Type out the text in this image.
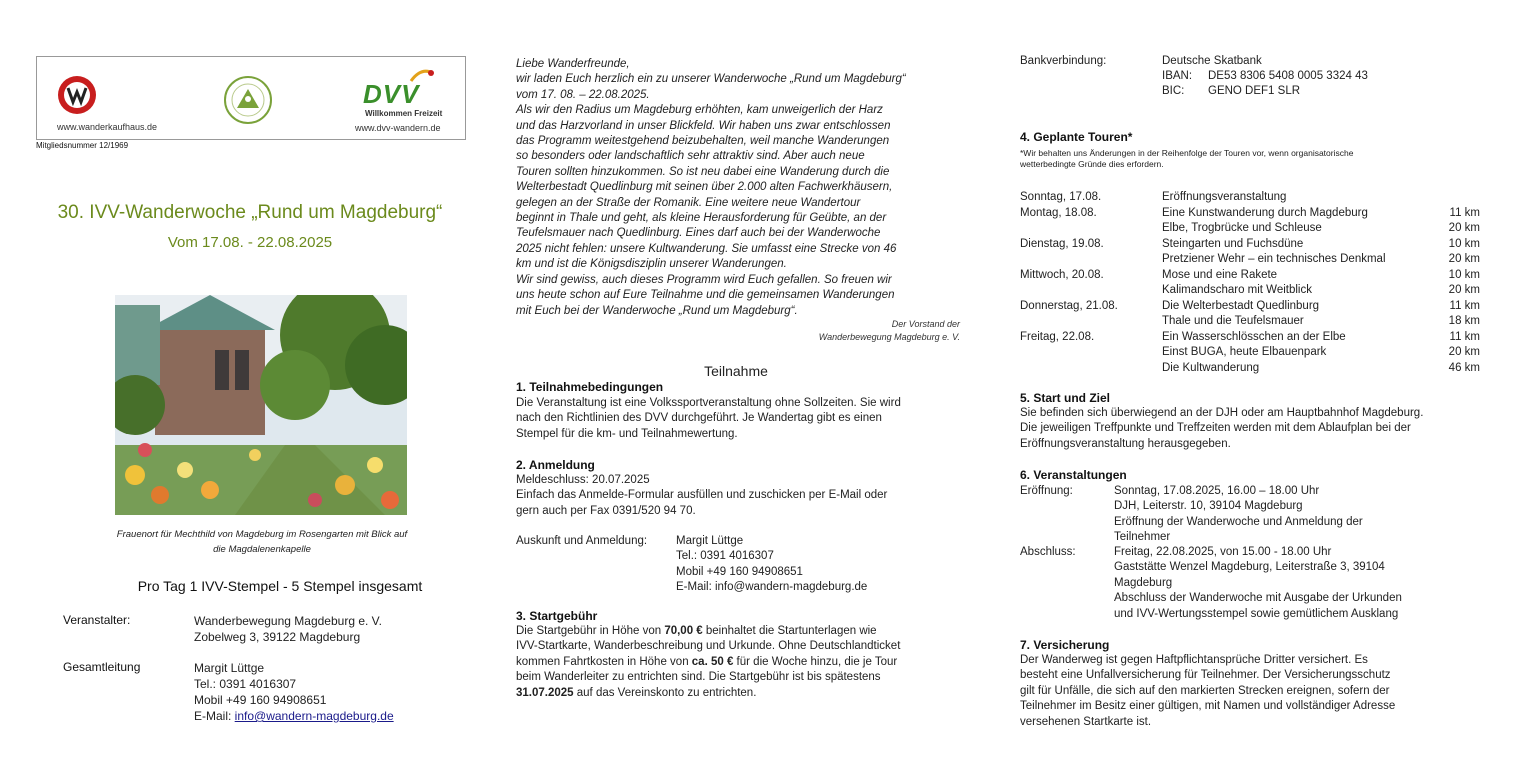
www.wanderkaufhaus.de
DVV
Willkommen Freizeit
www.dvv-wandern.de
Mitgliedsnummer 12/1969
30. IVV-Wanderwoche „Rund um Magdeburg“
Vom 17.08. - 22.08.2025
Frauenort für Mechthild von Magdeburg im Rosengarten mit Blick auf die Magdalenenkapelle
Pro Tag 1 IVV-Stempel - 5 Stempel insgesamt
Veranstalter:	Wanderbewegung Magdeburg e. V.
Zobelweg 3, 39122 Magdeburg
Gesamtleitung	Margit Lüttge
Tel.: 0391 4016307
Mobil +49 160 94908651
E-Mail: info@wandern-magdeburg.de
Liebe Wanderfreunde,
wir laden Euch herzlich ein zu unserer Wanderwoche „Rund um Magdeburg“
vom 17. 08. – 22.08.2025.
Als wir den Radius um Magdeburg erhöhten, kam unweigerlich der Harz
und das Harzvorland in unser Blickfeld. Wir haben uns zwar entschlossen
das Programm weitestgehend beizubehalten, weil manche Wanderungen
so besonders oder landschaftlich sehr attraktiv sind. Aber auch neue
Touren sollten hinzukommen. So ist neu dabei eine Wanderung durch die
Welterbestadt Quedlinburg mit seinen über 2.000 alten Fachwerkhäusern,
gelegen an der Straße der Romanik. Eine weitere neue Wandertour
beginnt in Thale und geht, als kleine Herausforderung für Geübte, an der
Teufelsmauer nach Quedlinburg. Eines darf auch bei der Wanderwoche
2025 nicht fehlen: unsere Kultwanderung. Sie umfasst eine Strecke von 46
km und ist die Königsdisziplin unserer Wanderungen.
Wir sind gewiss, auch dieses Programm wird Euch gefallen. So freuen wir
uns heute schon auf Eure Teilnahme und die gemeinsamen Wanderungen
mit Euch bei der Wanderwoche „Rund um Magdeburg“.
Der Vorstand der
Wanderbewegung Magdeburg e. V.
Teilnahme
1. Teilnahmebedingungen
Die Veranstaltung ist eine Volkssportveranstaltung ohne Sollzeiten. Sie wird
nach den Richtlinien des DVV durchgeführt. Je Wandertag gibt es einen
Stempel für die km- und Teilnahmewertung.
2. Anmeldung
Meldeschluss: 20.07.2025
Einfach das Anmelde-Formular ausfüllen und zuschicken per E-Mail oder
gern auch per Fax 0391/520 94 70.
Auskunft und Anmeldung:	Margit Lüttge
Tel.: 0391 4016307
Mobil +49 160 94908651
E-Mail: info@wandern-magdeburg.de
3. Startgebühr
Die Startgebühr in Höhe von 70,00 € beinhaltet die Startunterlagen wie
IVV-Startkarte, Wanderbeschreibung und Urkunde. Ohne Deutschlandticket
kommen Fahrtkosten in Höhe von ca. 50 € für die Woche hinzu, die je Tour
beim Wanderleiter zu entrichten sind. Die Startgebühr ist bis spätestens
31.07.2025 auf das Vereinskonto zu entrichten.
Bankverbindung:	Deutsche Skatbank
IBAN: DE53 8306 5408 0005 3324 43
BIC: GENO DEF1 SLR
4. Geplante Touren*
*Wir behalten uns Änderungen in der Reihenfolge der Touren vor, wenn organisatorische
wetterbedingte Gründe dies erfordern.
Sonntag, 17.08.	Eröffnungsveranstaltung
Montag, 18.08.	Eine Kunstwanderung durch Magdeburg	11 km
Elbe, Trogbrücke und Schleuse	20 km
Dienstag, 19.08.	Steingarten und Fuchsdüne	10 km
Pretziener Wehr – ein technisches Denkmal	20 km
Mittwoch, 20.08.	Mose und eine Rakete	10 km
Kalimandscharo mit Weitblick	20 km
Donnerstag, 21.08.	Die Welterbestadt Quedlinburg	11 km
Thale und die Teufelsmauer	18 km
Freitag, 22.08.	Ein Wasserschlösschen an der Elbe	11 km
Einst BUGA, heute Elbauenpark	20 km
Die Kultwanderung	46 km
5. Start und Ziel
Sie befinden sich überwiegend an der DJH oder am Hauptbahnhof Magdeburg.
Die jeweiligen Treffpunkte und Treffzeiten werden mit dem Ablaufplan bei der
Eröffnungsveranstaltung herausgegeben.
6. Veranstaltungen
Eröffnung:	Sonntag, 17.08.2025, 16.00 – 18.00 Uhr
DJH, Leiterstr. 10, 39104 Magdeburg
Eröffnung der Wanderwoche und Anmeldung der
Teilnehmer
Abschluss:	Freitag, 22.08.2025, von 15.00 - 18.00 Uhr
Gaststätte Wenzel Magdeburg, Leiterstraße 3, 39104
Magdeburg
Abschluss der Wanderwoche mit Ausgabe der Urkunden
und IVV-Wertungsstempel sowie gemütlichem Ausklang
7. Versicherung
Der Wanderweg ist gegen Haftpflichtansprüche Dritter versichert. Es
besteht eine Unfallversicherung für Teilnehmer. Der Versicherungsschutz
gilt für Unfälle, die sich auf den markierten Strecken ereignen, sofern der
Teilnehmer im Besitz einer gültigen, mit Namen und vollständiger Adresse
versehenen Startkarte ist.
